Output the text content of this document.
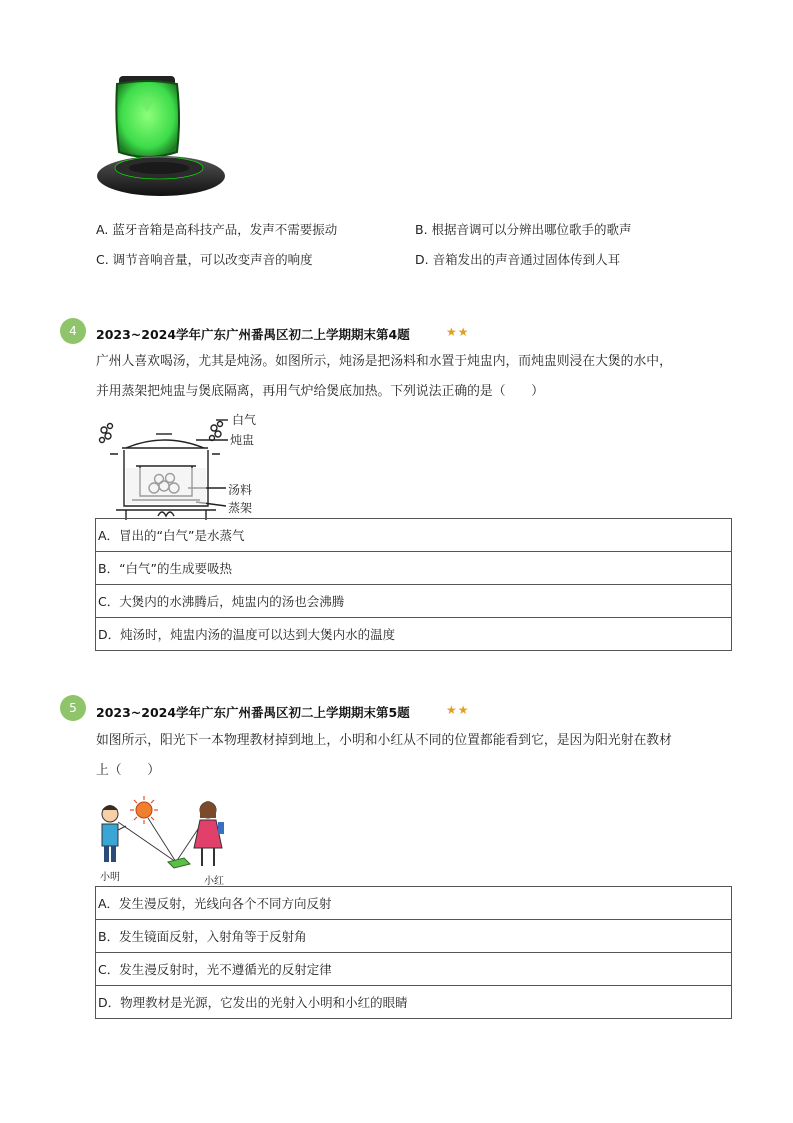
A. 蓝牙音箱是高科技产品，发声不需要振动	B. 根据音调可以分辨出哪位歌手的歌声
C. 调节音响音量，可以改变声音的响度	D. 音箱发出的声音通过固体传到人耳
4	2023~2024学年广东广州番禺区初二上学期期末第4题	★★
广州人喜欢喝汤，尤其是炖汤。如图所示，炖汤是把汤料和水置于炖盅内，而炖盅则浸在大煲的水中，
并用蒸架把炖盅与煲底隔离，再用气炉给煲底加热。下列说法正确的是（　　）
白气
炖盅
汤料
蒸架
A．冒出的“白气”是水蒸气
B．“白气”的生成要吸热
C．大煲内的水沸腾后，炖盅内的汤也会沸腾
D．炖汤时，炖盅内汤的温度可以达到大煲内水的温度
5	2023~2024学年广东广州番禺区初二上学期期末第5题	★★
如图所示，阳光下一本物理教材掉到地上，小明和小红从不同的位置都能看到它，是因为阳光射在教材
上（　　）
小明	小红
A．发生漫反射，光线向各个不同方向反射
B．发生镜面反射，入射角等于反射角
C．发生漫反射时，光不遵循光的反射定律
D．物理教材是光源，它发出的光射入小明和小红的眼睛
